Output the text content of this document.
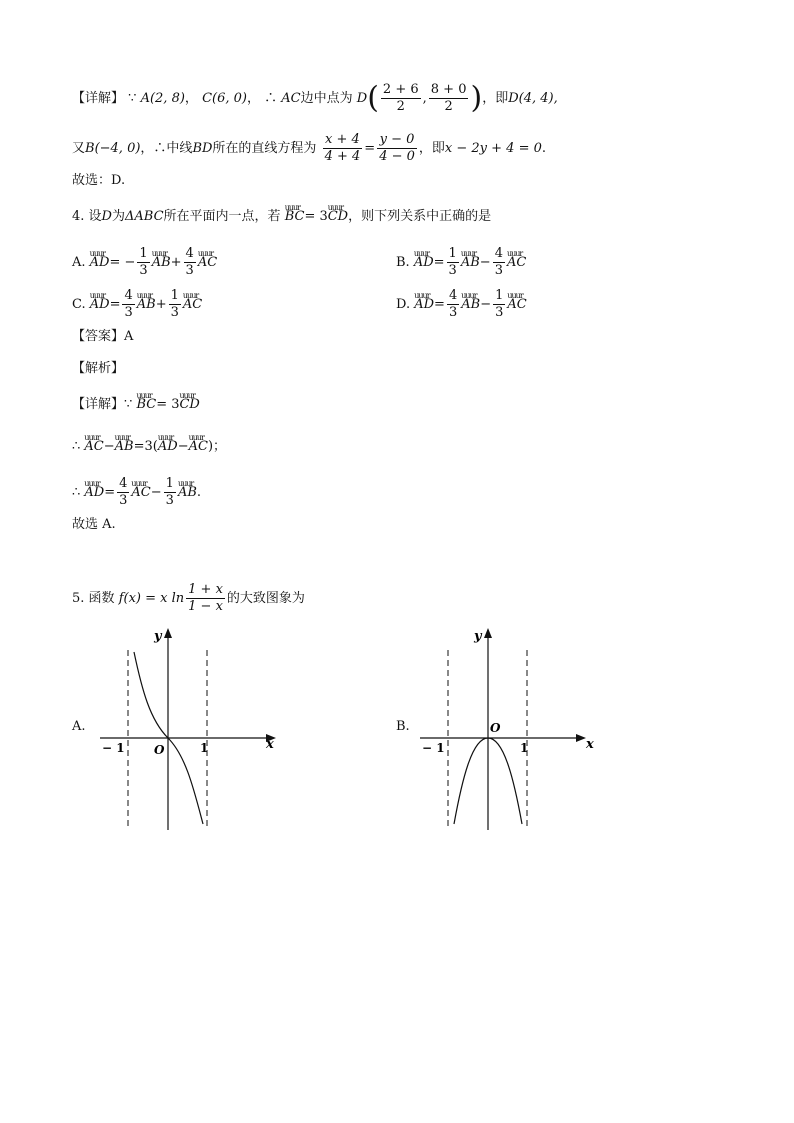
【详解】 ∵ A(2, 8)， C(6, 0)， ∴ AC边中点为 $D( \frac{2 + 6}{2}$ , $\frac{8 + 0}{2}$ )，即D(4, 4),
又B(−4, 0)，∴中线BD所在的直线方程为 $\frac{x + 4}{4 + 4} = \frac{y - 0}{4 - 0}$ ，即x − 2y + 4 = 0.
故选：D.
4. 设D为ΔABC所在平面内一点，若 uuur BC= 3uuur CD，则下列关系中正确的是
A. uuur $AD= - \frac{1}{3}$ uuur $AB+ \frac{4}{3}$ uuur AC	B. uuur $AD= \frac{1}{3}$ uuur $AB- \frac{4}{3}$ uuur AC
C. uuur $AD= \frac{4}{3}$ uuur $AB+ \frac{1}{3}$ uuur AC	D. uuur $AD= \frac{4}{3}$ uuur $AB- \frac{1}{3}$ uuur AC
【答案】A
【解析】
【详解】∵ uuur BC= 3uuur CD
∴ uuur AC−uuur AB=3(uuur AD−uuur AC)；
∴ uuur $AD= \frac{4}{3}$ uuur $AC- \frac{1}{3}$ uuur AB.
故选 A.
5. 函数 f(x) = x $\ln \frac{1 + x}{1 - x}$ 的大致图象为
A.
y
x
O
− 1	1
B.
y
x
O
− 1	1
